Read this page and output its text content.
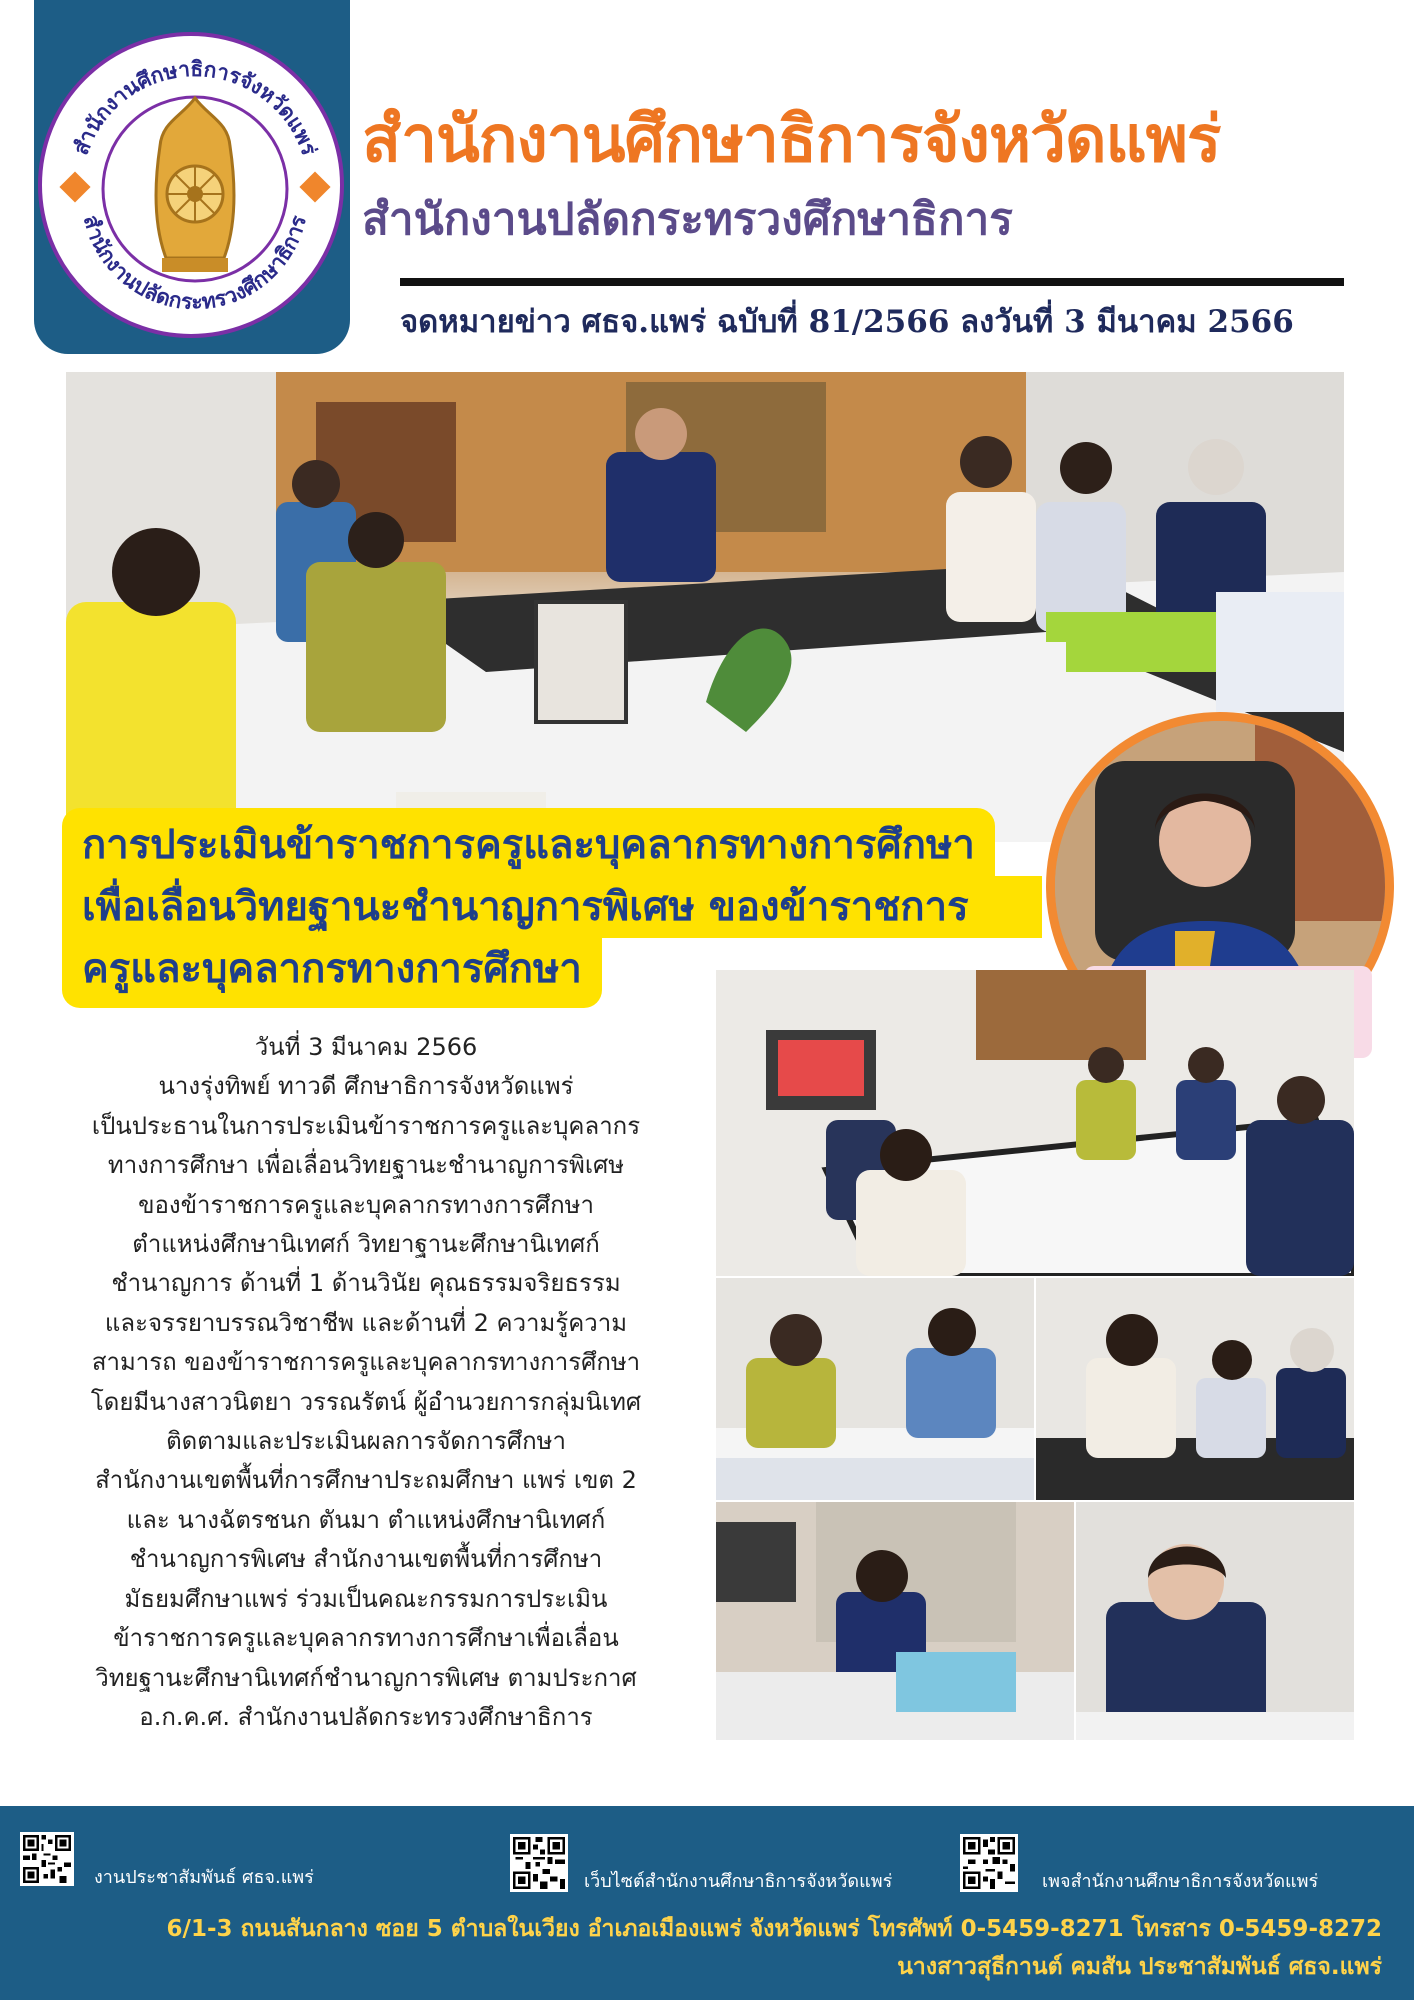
สำนักงานศึกษาธิการจังหวัดแพร่
สำนักงานปลัดกระทรวงศึกษาธิการ
สำนักงานศึกษาธิการจังหวัดแพร่
สำนักงานปลัดกระทรวงศึกษาธิการ
จดหมายข่าว ศธจ.แพร่ ฉบับที่ 81/2566 ลงวันที่ 3 มีนาคม 2566
การประเมินข้าราชการครูและบุคลากรทางการศึกษา
เพื่อเลื่อนวิทยฐานะชำนาญการพิเศษ ของข้าราชการ
ครูและบุคลากรทางการศึกษา
วันที่ 3 มีนาคม 2566
นางรุ่งทิพย์ ทาวดี ศึกษาธิการจังหวัดแพร่
เป็นประธานในการประเมินข้าราชการครูและบุคลากร
ทางการศึกษา เพื่อเลื่อนวิทยฐานะชำนาญการพิเศษ
ของข้าราชการครูและบุคลากรทางการศึกษา
ตำแหน่งศึกษานิเทศก์ วิทยาฐานะศึกษานิเทศก์
ชำนาญการ ด้านที่ 1 ด้านวินัย คุณธรรมจริยธรรม
และจรรยาบรรณวิชาชีพ และด้านที่ 2 ความรู้ความ
สามารถ ของข้าราชการครูและบุคลากรทางการศึกษา
โดยมีนางสาวนิตยา วรรณรัตน์ ผู้อำนวยการกลุ่มนิเทศ
ติดตามและประเมินผลการจัดการศึกษา
สำนักงานเขตพื้นที่การศึกษาประถมศึกษา แพร่ เขต 2
และ นางฉัตรชนก ตันมา ตำแหน่งศึกษานิเทศก์
ชำนาญการพิเศษ สำนักงานเขตพื้นที่การศึกษา
มัธยมศึกษาแพร่ ร่วมเป็นคณะกรรมการประเมิน
ข้าราชการครูและบุคลากรทางการศึกษาเพื่อเลื่อน
วิทยฐานะศึกษานิเทศก์ชำนาญการพิเศษ ตามประกาศ
อ.ก.ค.ศ. สำนักงานปลัดกระทรวงศึกษาธิการ
งานประชาสัมพันธ์ ศธจ.แพร่	เว็บไซต์สำนักงานศึกษาธิการจังหวัดแพร่	เพจสำนักงานศึกษาธิการจังหวัดแพร่
6/1-3 ถนนสันกลาง ซอย 5 ตำบลในเวียง อำเภอเมืองแพร่ จังหวัดแพร่ โทรศัพท์ 0-5459-8271 โทรสาร 0-5459-8272
นางสาวสุธีกานต์ คมสัน ประชาสัมพันธ์ ศธจ.แพร่
